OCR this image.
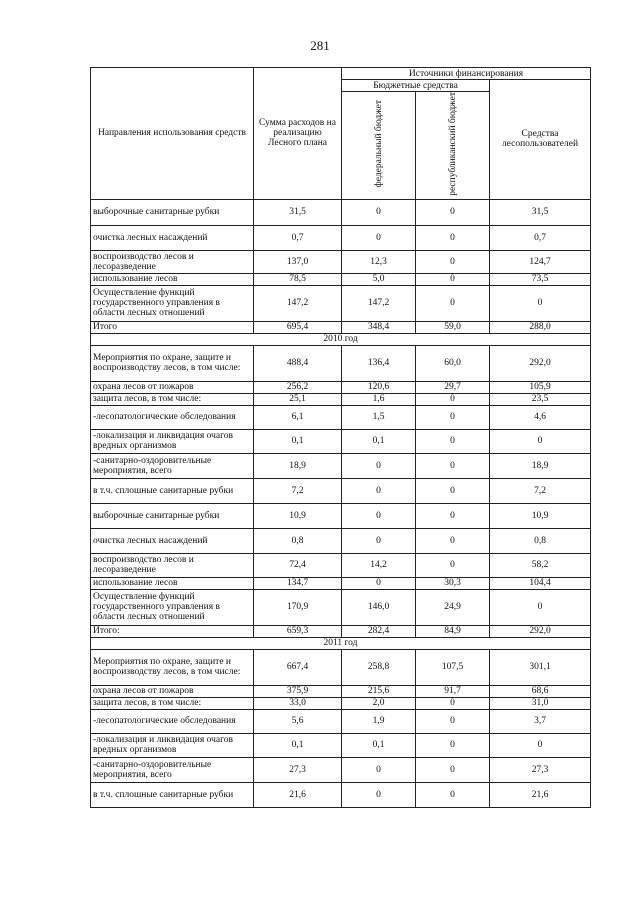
281
Направления использования средств	Сумма расходов на реализацию Лесного плана	Источники финансирования		
		Бюджетные средства		Средства лесопользователей
		федеральный бюджет	республиканский бюджет	
выборочные санитарные рубки	31,5	0	0	31,5
очистка лесных насаждений	0,7	0	0	0,7
воспроизводство лесов и лесоразведение	137,0	12,3	0	124,7
использование лесов	78,5	5,0	0	73,5
Осуществление функций государственного управления в области лесных отношений	147,2	147,2	0	0
Итого	695,4	348,4	59,0	288,0
2010 год				
Мероприятия по охране, защите и воспроизводству лесов, в том числе:	488,4	136,4	60,0	292,0
охрана лесов от пожаров	256,2	120,6	29,7	105,9
защита лесов, в том числе:	25,1	1,6	0	23,5
-лесопатологические обследования	6,1	1,5	0	4,6
-локализация и ликвидация очагов вредных организмов	0,1	0,1	0	0
-санитарно-оздоровительные мероприятия, всего	18,9	0	0	18,9
в т.ч. сплошные санитарные рубки	7,2	0	0	7,2
выборочные санитарные рубки	10,9	0	0	10,9
очистка лесных насаждений	0,8	0	0	0,8
воспроизводство лесов и лесоразведение	72,4	14,2	0	58,2
использование лесов	134,7	0	30,3	104,4
Осуществление функций государственного управления в области лесных отношений	170,9	146,0	24,9	0
Итого:	659,3	282,4	84,9	292,0
2011 год				
Мероприятия по охране, защите и воспроизводству лесов, в том числе:	667,4	258,8	107,5	301,1
охрана лесов от пожаров	375,9	215,6	91,7	68,6
защита лесов, в том числе:	33,0	2,0	0	31,0
-лесопатологические обследования	5,6	1,9	0	3,7
-локализация и ликвидация очагов вредных организмов	0,1	0,1	0	0
-санитарно-оздоровительные мероприятия, всего	27,3	0	0	27,3
в т.ч. сплошные санитарные рубки	21,6	0	0	21,6
